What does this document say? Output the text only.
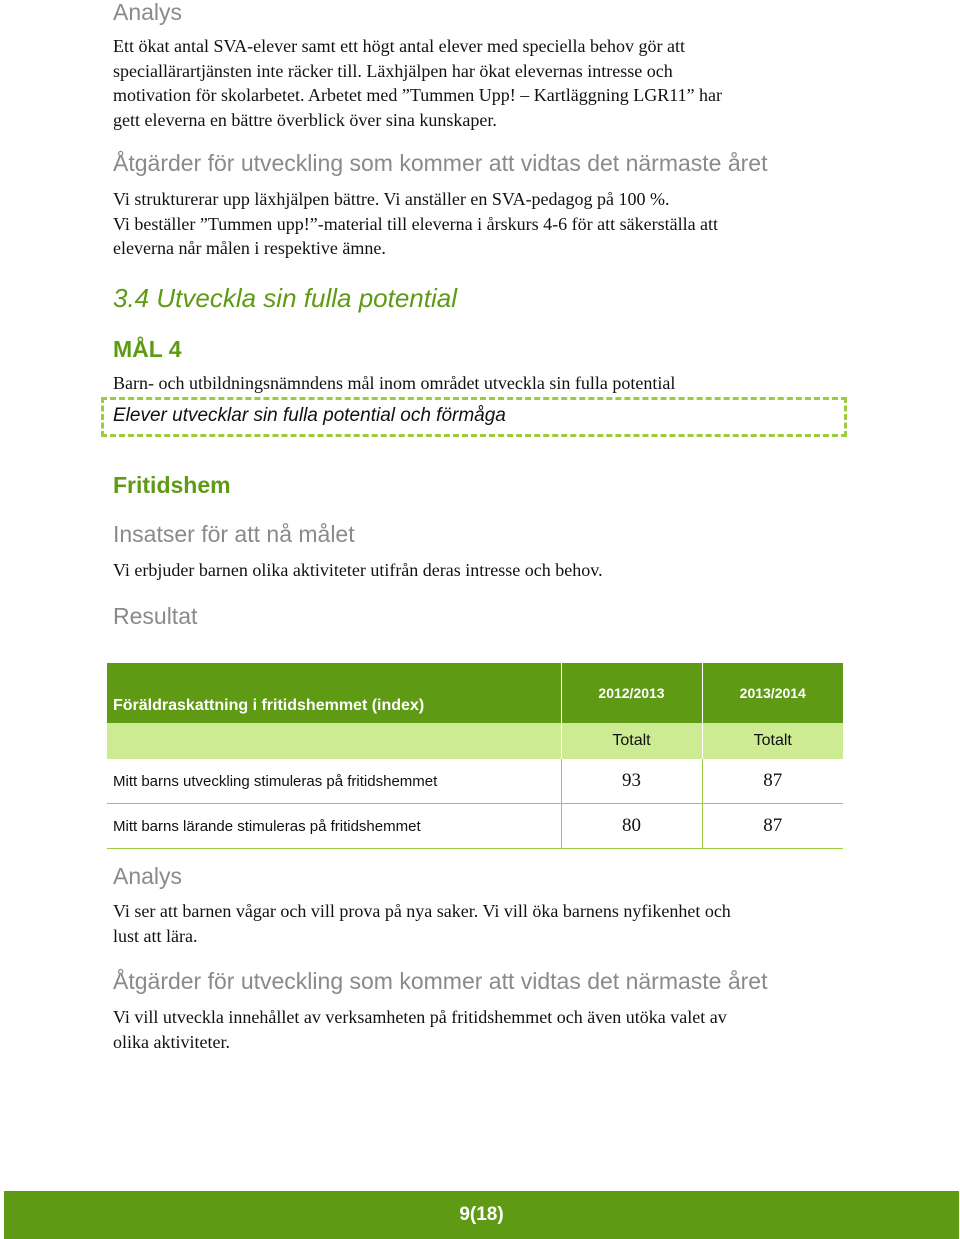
Analys
Ett ökat antal SVA-elever samt ett högt antal elever med speciella behov gör att
speciallärartjänsten inte räcker till. Läxhjälpen har ökat elevernas intresse och
motivation för skolarbetet. Arbetet med ”Tummen Upp! – Kartläggning LGR11” har
gett eleverna en bättre överblick över sina kunskaper.
Åtgärder för utveckling som kommer att vidtas det närmaste året
Vi strukturerar upp läxhjälpen bättre. Vi anställer en SVA-pedagog på 100 %.
Vi beställer ”Tummen upp!”-material till eleverna i årskurs 4-6 för att säkerställa att
eleverna når målen i respektive ämne.
3.4 Utveckla sin fulla potential
MÅL 4
Barn- och utbildningsnämndens mål inom området utveckla sin fulla potential
Elever utvecklar sin fulla potential och förmåga
Fritidshem
Insatser för att nå målet
Vi erbjuder barnen olika aktiviteter utifrån deras intresse och behov.
Resultat
Föräldraskattning i fritidshemmet (index)	2012/2013	2013/2014
	Totalt	Totalt
Mitt barns utveckling stimuleras på fritidshemmet	93	87
Mitt barns lärande stimuleras på fritidshemmet	80	87
Analys
Vi ser att barnen vågar och vill prova på nya saker. Vi vill öka barnens nyfikenhet och
lust att lära.
Åtgärder för utveckling som kommer att vidtas det närmaste året
Vi vill utveckla innehållet av verksamheten på fritidshemmet och även utöka valet av
olika aktiviteter.
9(18)
